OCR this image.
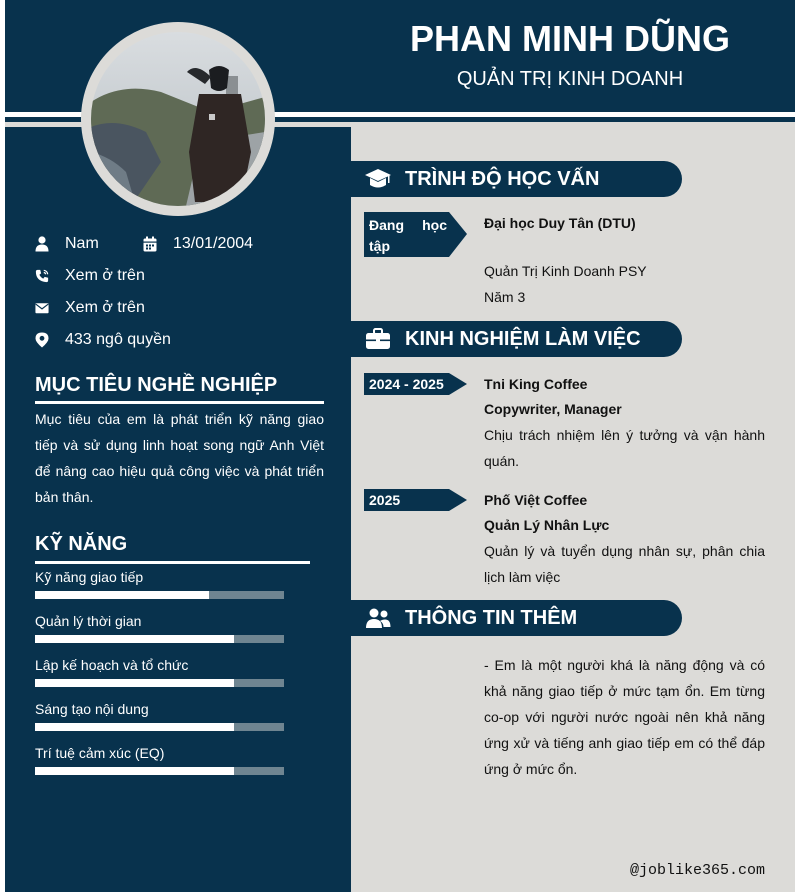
PHAN MINH DŨNG
QUẢN TRỊ KINH DOANH
Nam	13/01/2004
Xem ở trên
Xem ở trên
433 ngô quyền
MỤC TIÊU NGHỀ NGHIỆP
Mục tiêu của em là phát triển kỹ năng giao tiếp và sử dụng linh hoạt song ngữ Anh Việt để nâng cao hiệu quả công việc và phát triển bản thân.
KỸ NĂNG
Kỹ năng giao tiếp
Quản lý thời gian
Lập kế hoạch và tổ chức
Sáng tạo nội dung
Trí tuệ cảm xúc (EQ)
TRÌNH ĐỘ HỌC VẤN
Đang học tập
Đại học Duy Tân (DTU)
Quản Trị Kinh Doanh PSY
Năm 3
KINH NGHIỆM LÀM VIỆC
2024 - 2025	Tni King Coffee
Copywriter, Manager
Chịu trách nhiệm lên ý tưởng và vận hành quán.
2025	Phố Việt Coffee
Quản Lý Nhân Lực
Quản lý và tuyển dụng nhân sự, phân chia lịch làm việc
THÔNG TIN THÊM
- Em là một người khá là năng động và có khả năng giao tiếp ở mức tạm ổn. Em từng co-op với người nước ngoài nên khả năng ứng xử và tiếng anh giao tiếp em có thể đáp ứng ở mức ổn.
@joblike365.com
